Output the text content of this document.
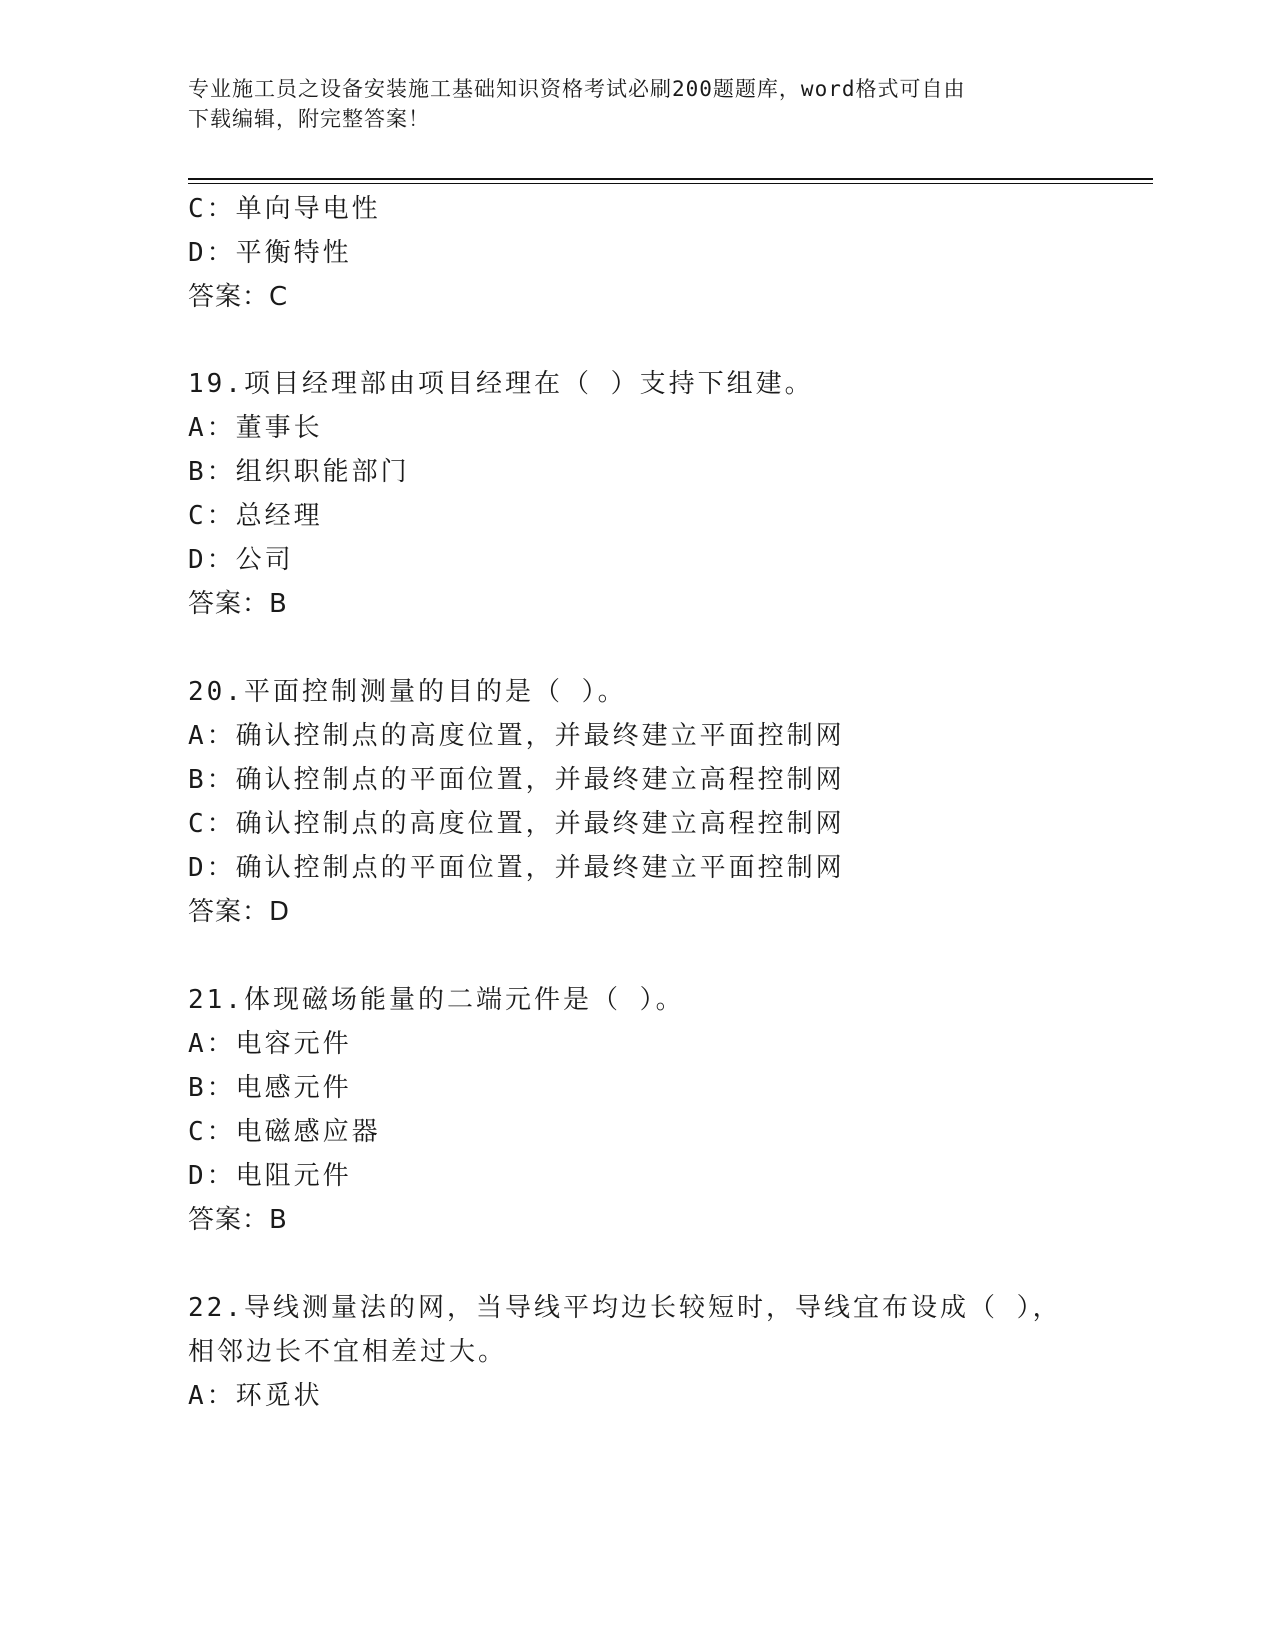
专业施工员之设备安装施工基础知识资格考试必刷200题题库，word格式可自由
下载编辑，附完整答案！
C：单向导电性
D：平衡特性
答案：C
19.项目经理部由项目经理在（ ）支持下组建。
A：董事长
B：组织职能部门
C：总经理
D：公司
答案：B
20.平面控制测量的目的是（ ）。
A：确认控制点的高度位置，并最终建立平面控制网
B：确认控制点的平面位置，并最终建立高程控制网
C：确认控制点的高度位置，并最终建立高程控制网
D：确认控制点的平面位置，并最终建立平面控制网
答案：D
21.体现磁场能量的二端元件是（ ）。
A：电容元件
B：电感元件
C：电磁感应器
D：电阻元件
答案：B
22.导线测量法的网，当导线平均边长较短时，导线宜布设成（ ），
相邻边长不宜相差过大。
A：环觅状
